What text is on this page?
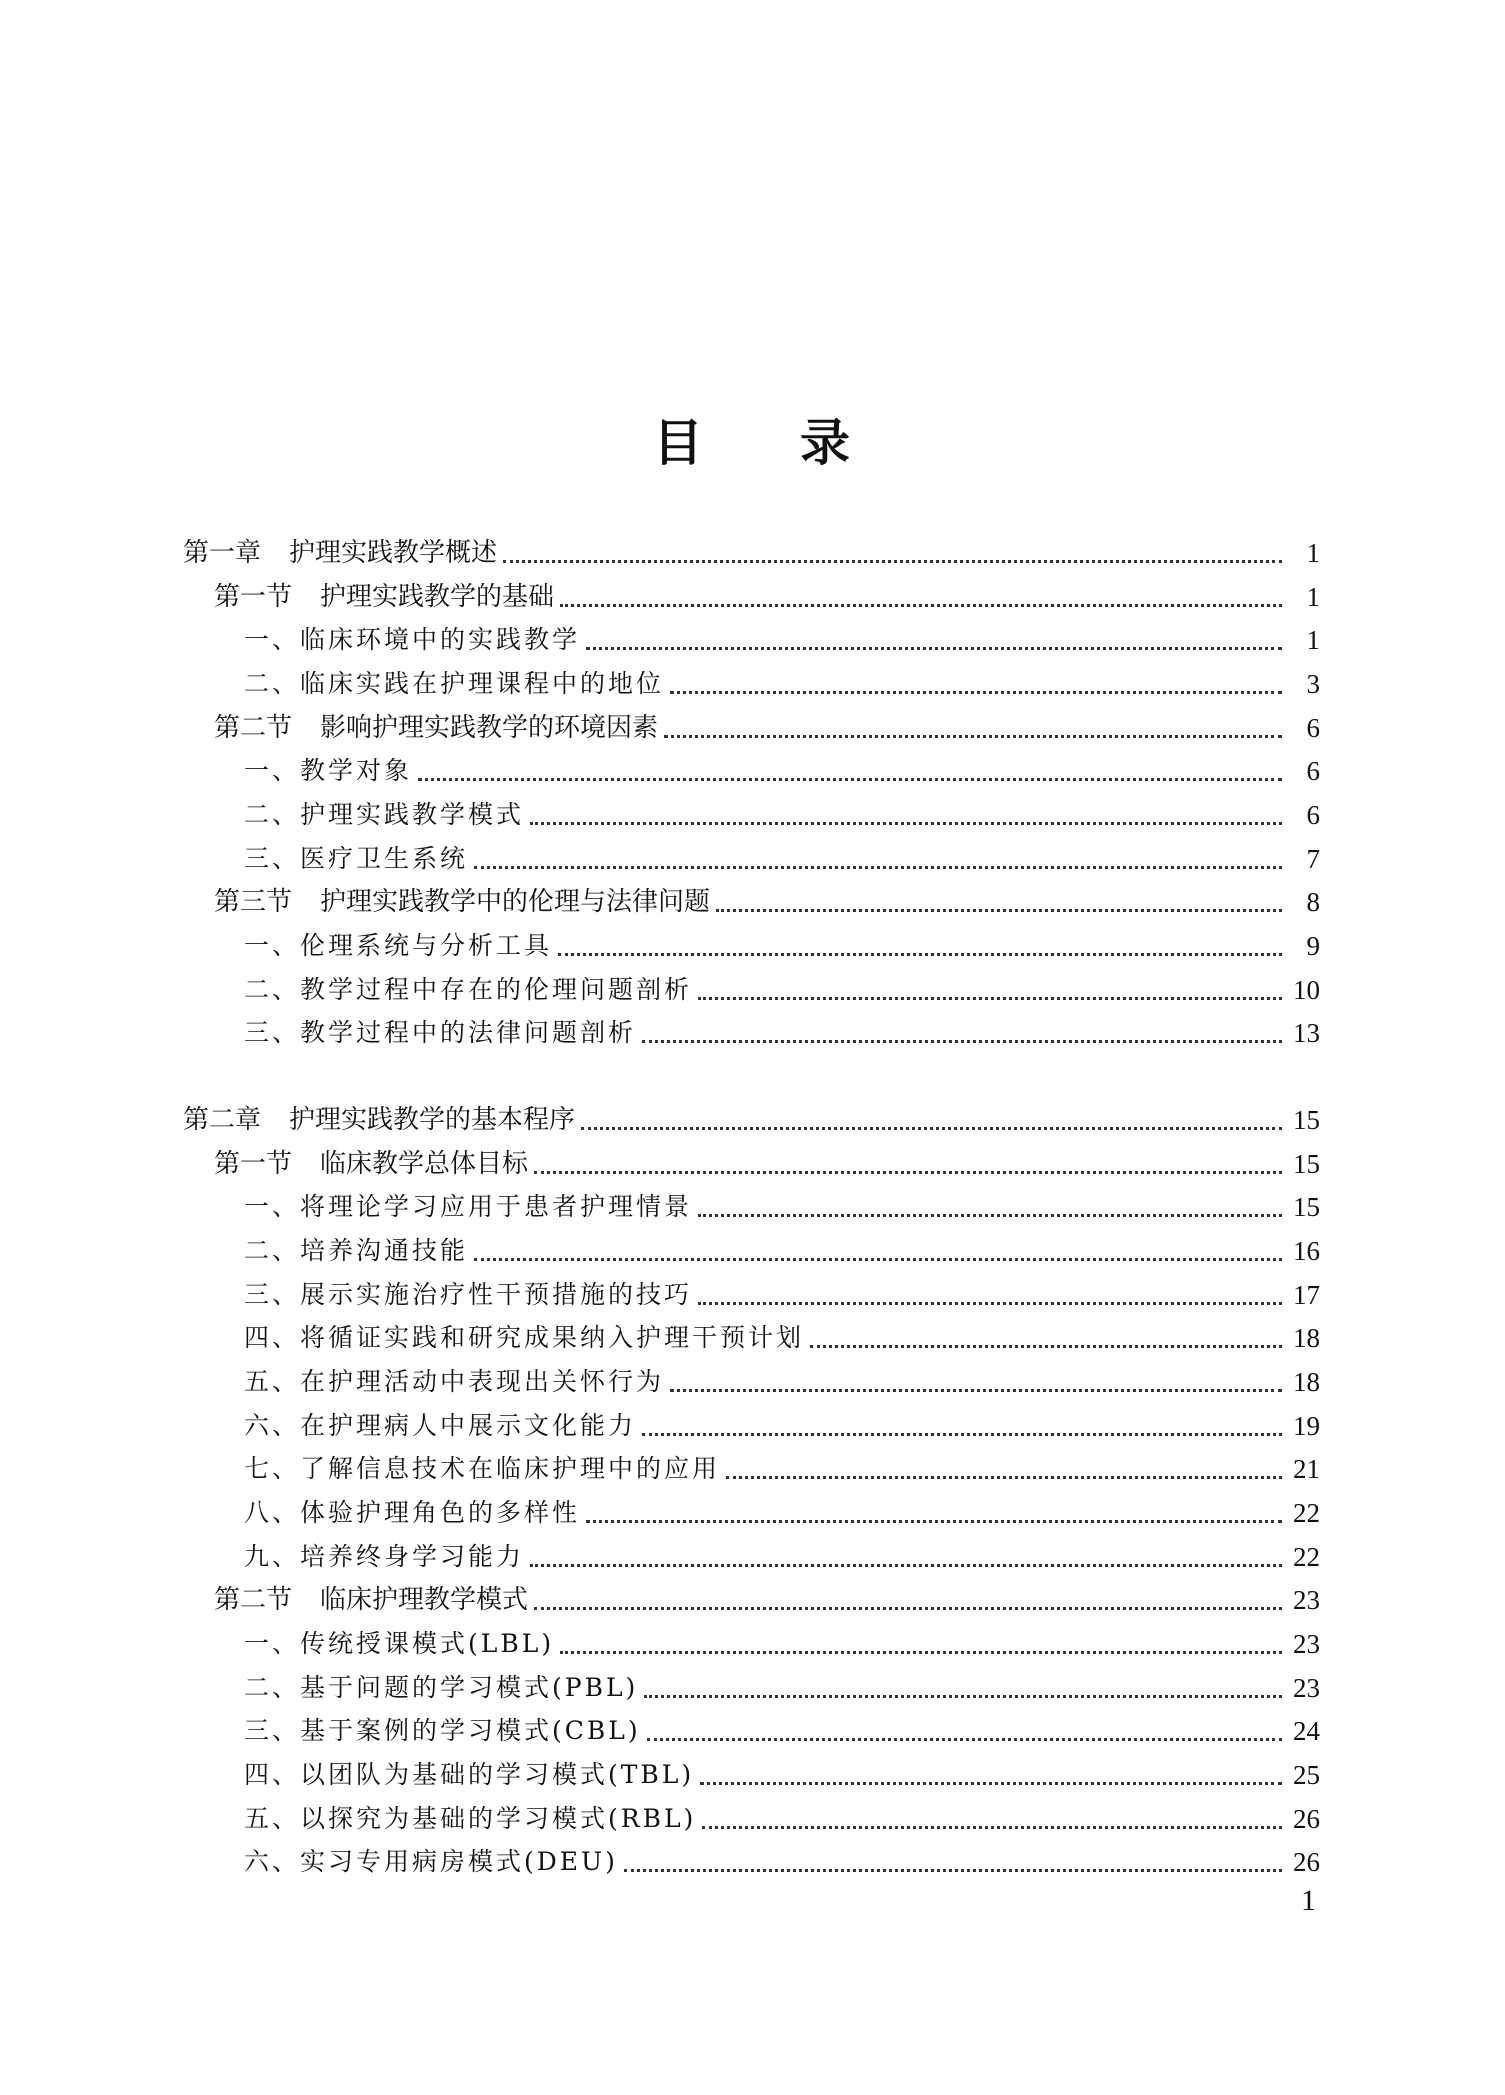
目 录
第一章 护理实践教学概述	1
第一节 护理实践教学的基础	1
一、临床环境中的实践教学	1
二、临床实践在护理课程中的地位	3
第二节 影响护理实践教学的环境因素	6
一、教学对象	6
二、护理实践教学模式	6
三、医疗卫生系统	7
第三节 护理实践教学中的伦理与法律问题	8
一、伦理系统与分析工具	9
二、教学过程中存在的伦理问题剖析	10
三、教学过程中的法律问题剖析	13
第二章 护理实践教学的基本程序	15
第一节 临床教学总体目标	15
一、将理论学习应用于患者护理情景	15
二、培养沟通技能	16
三、展示实施治疗性干预措施的技巧	17
四、将循证实践和研究成果纳入护理干预计划	18
五、在护理活动中表现出关怀行为	18
六、在护理病人中展示文化能力	19
七、了解信息技术在临床护理中的应用	21
八、体验护理角色的多样性	22
九、培养终身学习能力	22
第二节 临床护理教学模式	23
一、传统授课模式(LBL)	23
二、基于问题的学习模式(PBL)	23
三、基于案例的学习模式(CBL)	24
四、以团队为基础的学习模式(TBL)	25
五、以探究为基础的学习模式(RBL)	26
六、实习专用病房模式(DEU)	26
1
